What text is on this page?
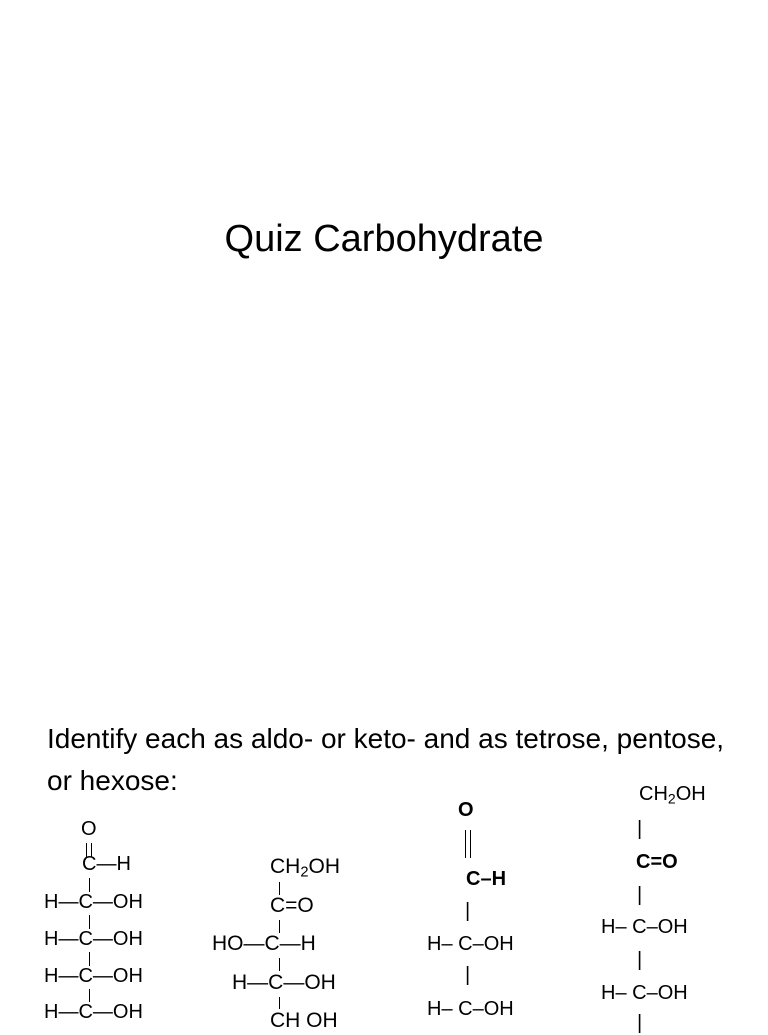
Quiz Carbohydrate
Identify each as aldo- or keto- and as tetrose, pentose, or hexose:
O
C—H
H—C—OH
H—C—OH
H—C—OH
H—C—OH
$CH_2OH$
C=O
HO—C—H
H—C—OH
CH OH
O
C–H
|
H– C–OH
|
H– C–OH
$CH_2OH$
|
C=O
|
H– C–OH
|
H– C–OH
|
